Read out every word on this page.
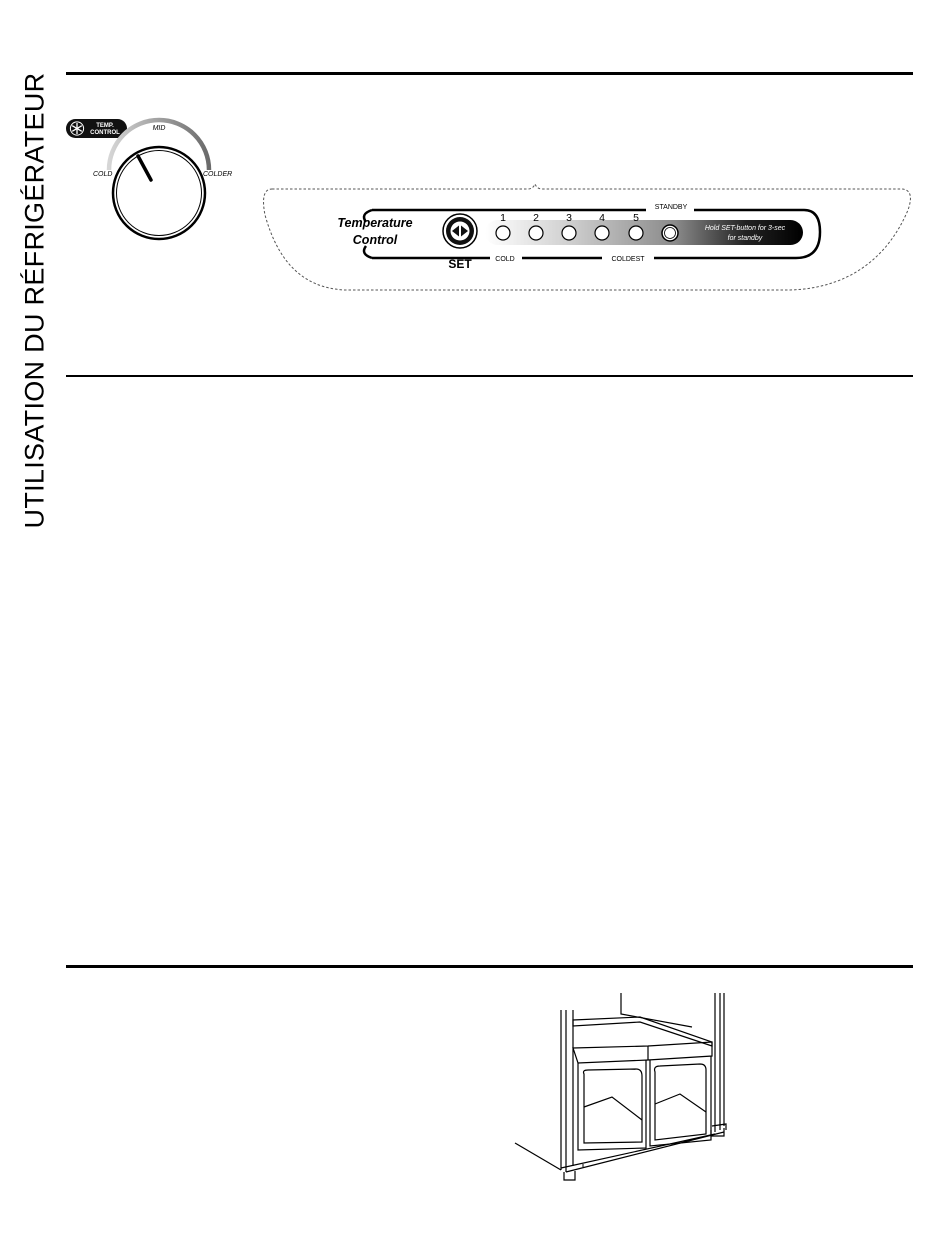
UTILISATION DU RÉFRIGÉRATEUR	TEMP.
CONTROL
MID
COLD	COLDER
Temperature
Control
SET
1	2	3	4	5
STANDBY
COLD	COLDEST
Hold SET-button for 3-sec
for standby
